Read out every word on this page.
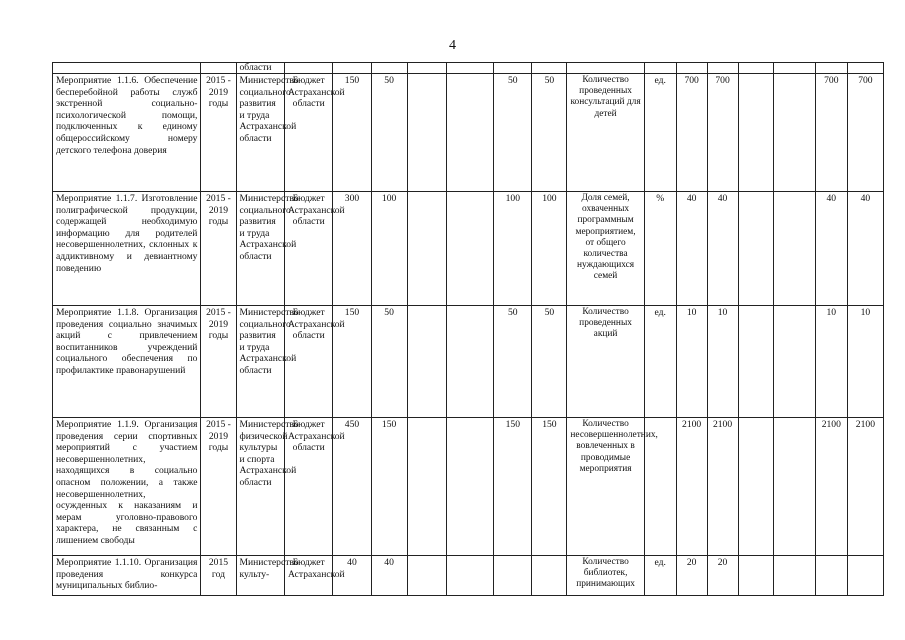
4
		области															
Мероприятие 1.1.6. Обеспечение бесперебойной работы служб экстренной социально-психологической помощи, подключенных к единому общероссийскому номеру детского телефона доверия	2015 - 2019 годы	Министерство социального развития и труда Астраханской области	Бюджет Астраханской области	150	50			50	50	Количество проведенных консультаций для детей	ед.	700	700			700	700
Мероприятие 1.1.7. Изготовление полиграфической продукции, содержащей необходимую информацию для родителей несовершеннолетних, склонных к аддиктивному и девиантному поведению	2015 - 2019 годы	Министерство социального развития и труда Астраханской области	Бюджет Астраханской области	300	100			100	100	Доля семей, охваченных программным мероприятием, от общего количества нуждающихся семей	%	40	40			40	40
Мероприятие 1.1.8. Организация проведения социально значимых акций с привлечением воспитанников учреждений социального обеспечения по профилактике правонарушений	2015 - 2019 годы	Министерство социального развития и труда Астраханской области	Бюджет Астраханской области	150	50			50	50	Количество проведенных акций	ед.	10	10			10	10
Мероприятие 1.1.9. Организация проведения серии спортивных мероприятий с участием несовершеннолетних, находящихся в социально опасном положении, а также несовершеннолетних, осужденных к наказаниям и мерам уголовно-правового характера, не связанным с лишением свободы	2015 - 2019 годы	Министерство физической культуры и спорта Астраханской области	Бюджет Астраханской области	450	150			150	150	Количество несовершеннолетних, вовлеченных в проводимые мероприятия		2100	2100			2100	2100
Мероприятие 1.1.10. Организация проведения конкурса муниципальных библио-	2015 год	Министерство культу-	Бюджет Астраханской	40	40					Количество библиотек, принимающих	ед.	20	20				
